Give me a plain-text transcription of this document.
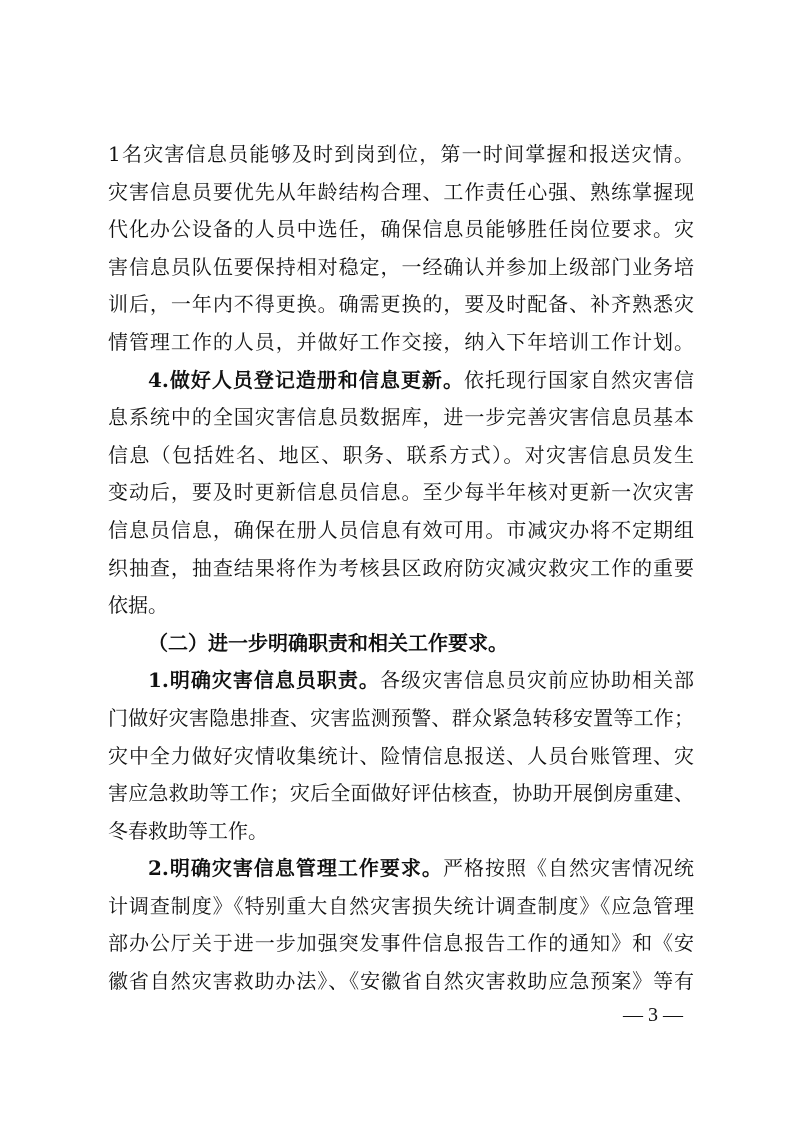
1名灾害信息员能够及时到岗到位，第一时间掌握和报送灾情。
灾害信息员要优先从年龄结构合理、工作责任心强、熟练掌握现
代化办公设备的人员中选任，确保信息员能够胜任岗位要求。灾
害信息员队伍要保持相对稳定，一经确认并参加上级部门业务培
训后，一年内不得更换。确需更换的，要及时配备、补齐熟悉灾
情管理工作的人员，并做好工作交接，纳入下年培训工作计划。
4.做好人员登记造册和信息更新。依托现行国家自然灾害信
息系统中的全国灾害信息员数据库，进一步完善灾害信息员基本
信息（包括姓名、地区、职务、联系方式）。对灾害信息员发生
变动后，要及时更新信息员信息。至少每半年核对更新一次灾害
信息员信息，确保在册人员信息有效可用。市减灾办将不定期组
织抽查，抽查结果将作为考核县区政府防灾减灾救灾工作的重要
依据。
（二）进一步明确职责和相关工作要求。
1.明确灾害信息员职责。各级灾害信息员灾前应协助相关部
门做好灾害隐患排查、灾害监测预警、群众紧急转移安置等工作；
灾中全力做好灾情收集统计、险情信息报送、人员台账管理、灾
害应急救助等工作；灾后全面做好评估核查，协助开展倒房重建、
冬春救助等工作。
2.明确灾害信息管理工作要求。严格按照《自然灾害情况统
计调查制度》《特别重大自然灾害损失统计调查制度》《应急管理
部办公厅关于进一步加强突发事件信息报告工作的通知》和《安
徽省自然灾害救助办法》、《安徽省自然灾害救助应急预案》等有
— 3 —
